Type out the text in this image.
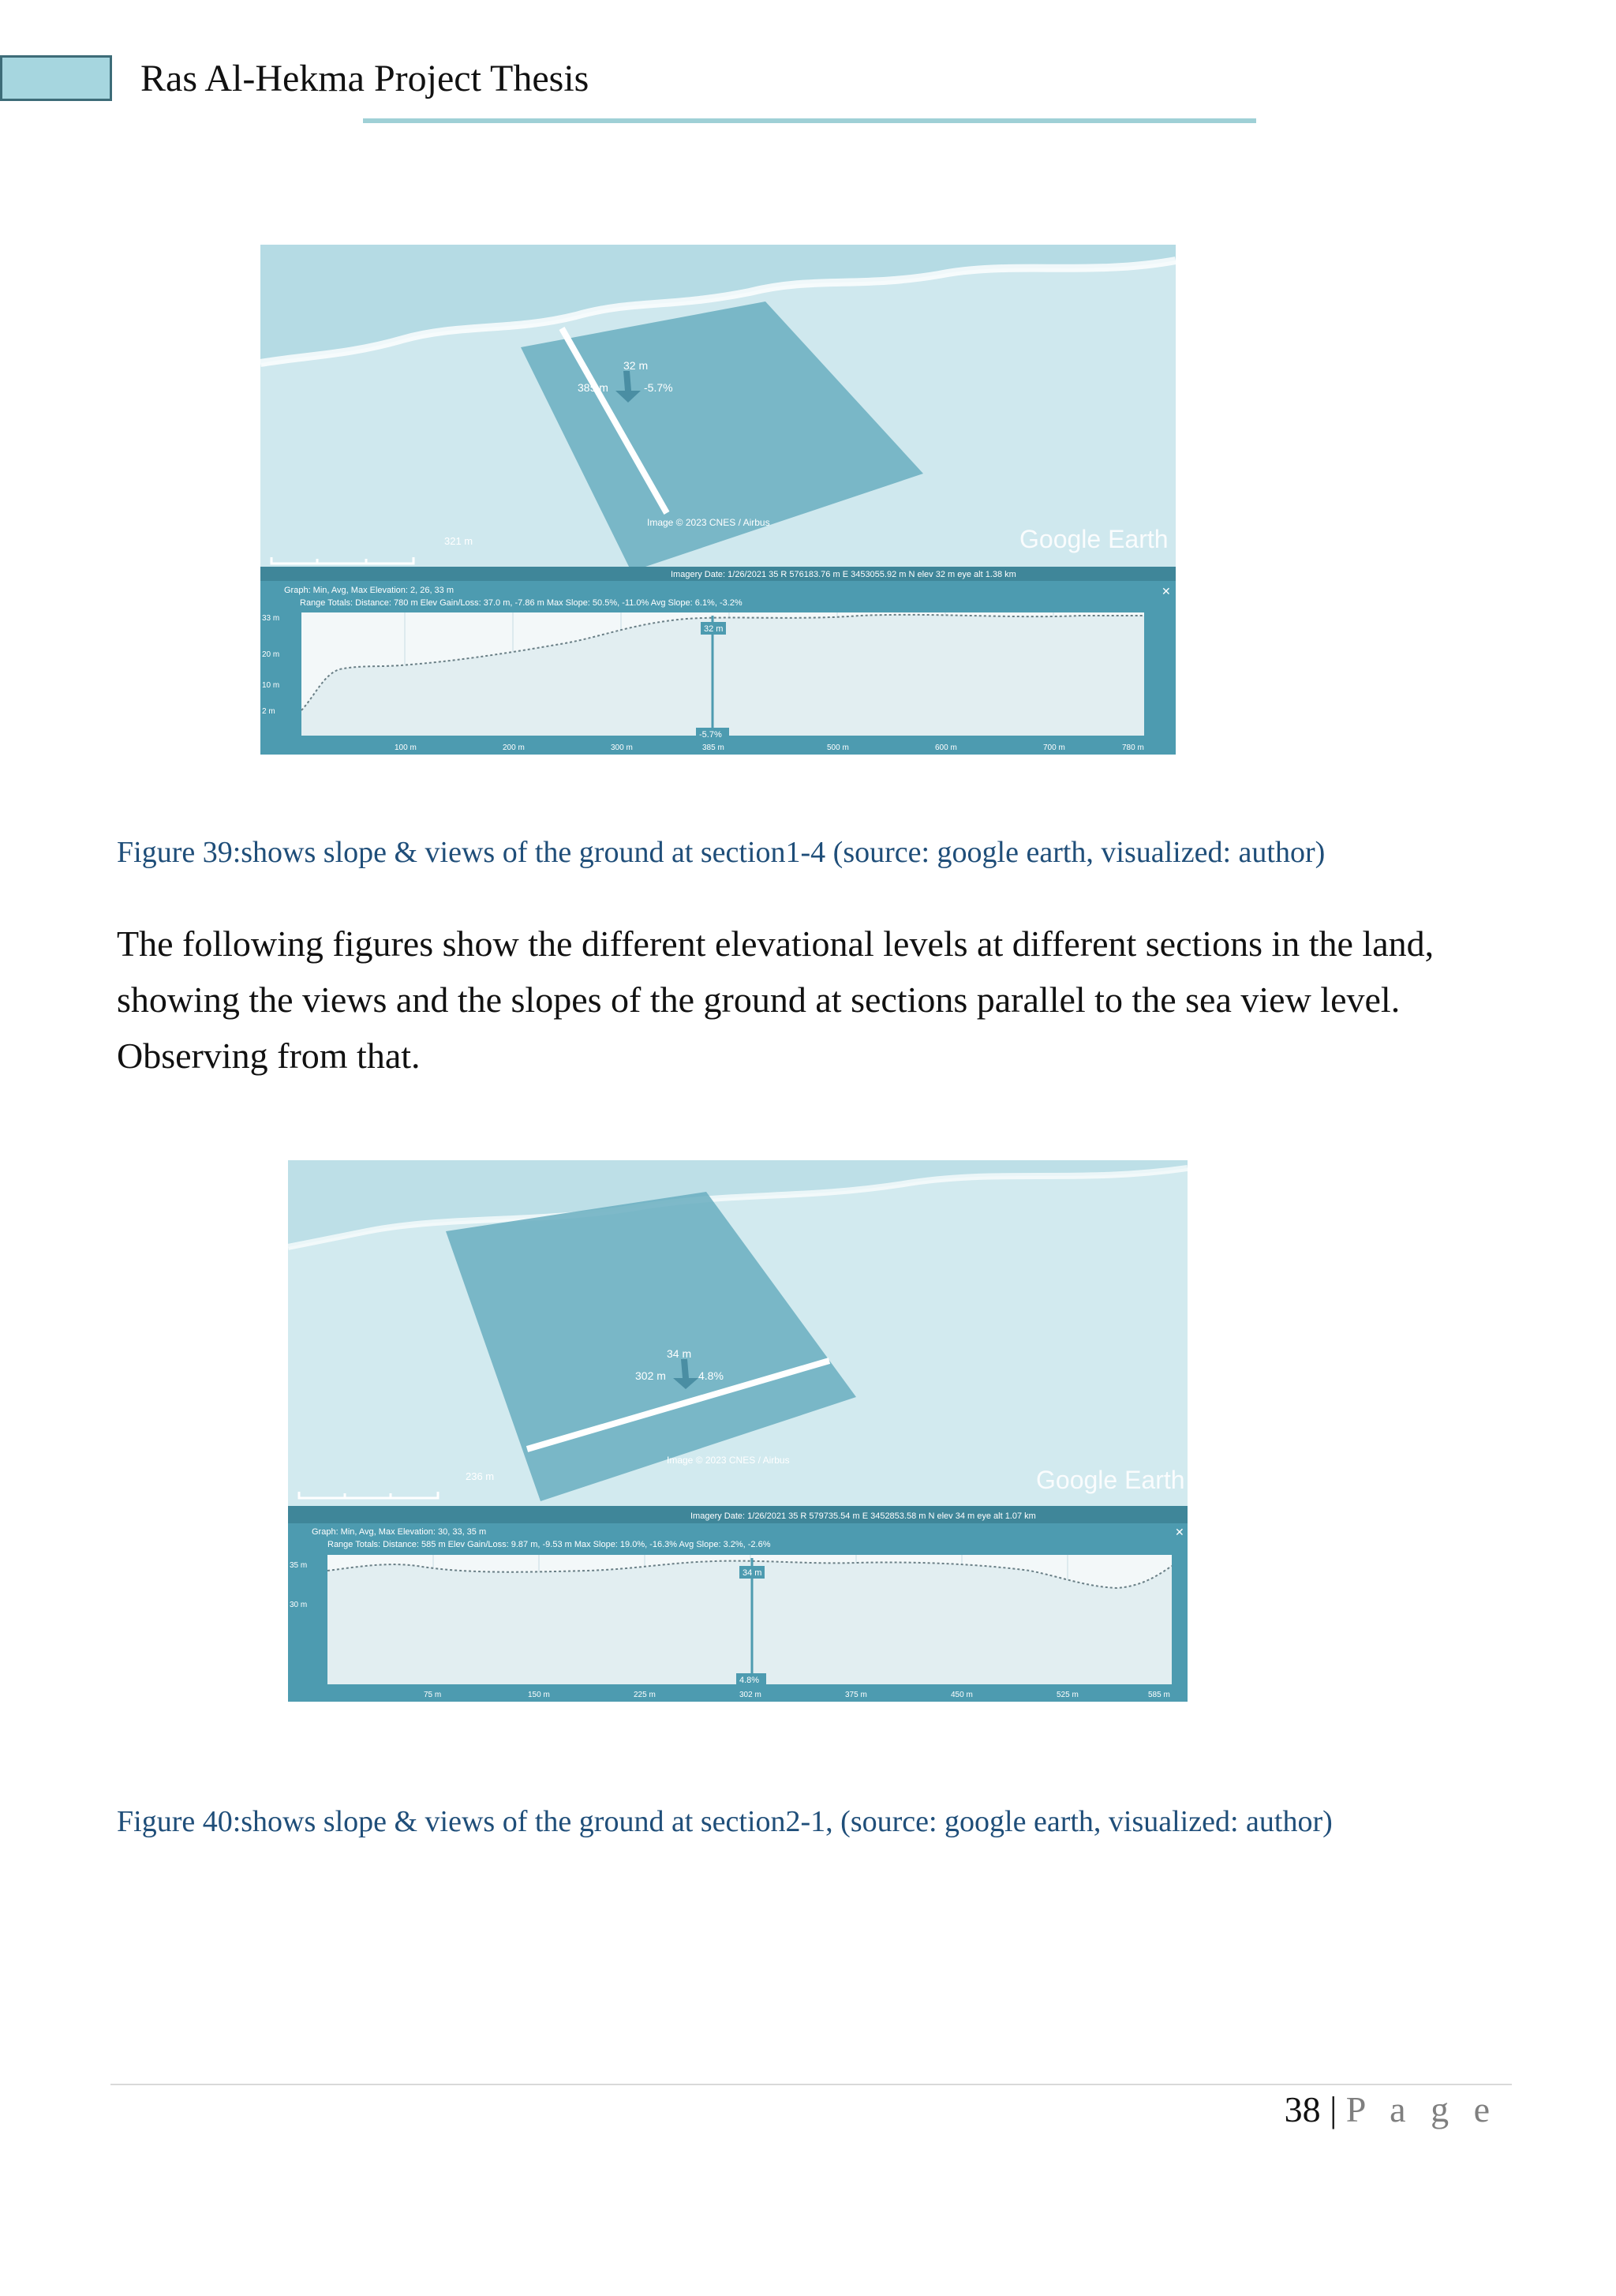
Ras Al-Hekma Project Thesis
32 m
385 m	-5.7%
Image © 2023 CNES / Airbus
Google Earth
321 m
Imagery Date: 1/26/2021 35 R 576183.76 m E 3453055.92 m N elev 32 m eye alt 1.38 km
Graph: Min, Avg, Max Elevation: 2, 26, 33 m
Range Totals: Distance: 780 m Elev Gain/Loss: 37.0 m, -7.86 m Max Slope: 50.5%, -11.0% Avg Slope: 6.1%, -3.2%
✕
32 m
-5.7%
33 m
20 m
10 m
2 m
100 m	200 m	300 m	385 m	500 m	600 m	700 m	780 m
Figure 39:shows slope & views of the ground at section1-4 (source: google earth, visualized: author)

The following figures show the different elevational levels at different sections in the land, showing the views and the slopes of the ground at sections parallel to the sea view level. Observing from that.

34 m
302 m	4.8%
Image © 2023 CNES / Airbus
Google Earth
236 m
Imagery Date: 1/26/2021 35 R 579735.54 m E 3452853.58 m N elev 34 m eye alt 1.07 km
Graph: Min, Avg, Max Elevation: 30, 33, 35 m
Range Totals: Distance: 585 m Elev Gain/Loss: 9.87 m, -9.53 m Max Slope: 19.0%, -16.3% Avg Slope: 3.2%, -2.6%
✕
34 m
4.8%
35 m
30 m
75 m	150 m	225 m	302 m	375 m	450 m	525 m	585 m
Figure 40:shows slope & views of the ground at section2-1, (source: google earth, visualized: author)
38 | P a g e
